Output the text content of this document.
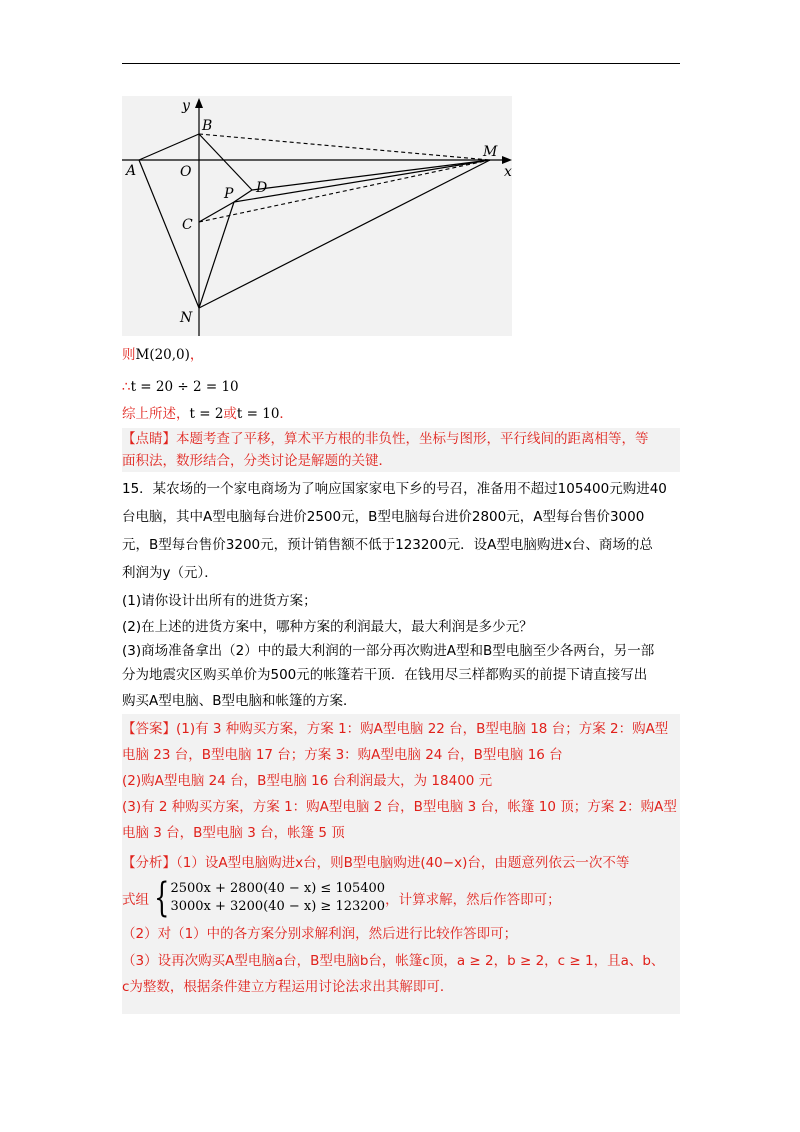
y
x
B
M
A	O
P D
C
N
则M(20,0)，
∴t = 20 ÷ 2 = 10
综上所述，t = 2或t = 10．
【点睛】本题考查了平移，算术平方根的非负性，坐标与图形，平行线间的距离相等，等
面积法，数形结合，分类讨论是解题的关键．
15．某农场的一个家电商场为了响应国家家电下乡的号召，准备用不超过105400元购进40
台电脑，其中A型电脑每台进价2500元，B型电脑每台进价2800元，A型每台售价3000
元，B型每台售价3200元，预计销售额不低于123200元．设A型电脑购进x台、商场的总
利润为y（元）．
(1)请你设计出所有的进货方案；
(2)在上述的进货方案中，哪种方案的利润最大，最大利润是多少元？
(3)商场准备拿出（2）中的最大利润的一部分再次购进A型和B型电脑至少各两台，另一部
分为地震灾区购买单价为500元的帐篷若干顶．在钱用尽三样都购买的前提下请直接写出
购买A型电脑、B型电脑和帐篷的方案．
【答案】(1)有 3 种购买方案，方案 1：购A型电脑 22 台，B型电脑 18 台；方案 2：购A型
电脑 23 台，B型电脑 17 台；方案 3：购A型电脑 24 台，B型电脑 16 台
(2)购A型电脑 24 台，B型电脑 16 台利润最大，为 18400 元
(3)有 2 种购买方案，方案 1：购A型电脑 2 台，B型电脑 3 台，帐篷 10 顶；方案 2：购A型
电脑 3 台，B型电脑 3 台，帐篷 5 顶
【分析】（1）设A型电脑购进x台，则B型电脑购进(40−x)台，由题意列依云一次不等
式组 { 2500x + 2800(40 − x) ≤ 105400
3000x + 3200(40 − x) ≥ 123200 ，计算求解，然后作答即可；
（2）对（1）中的各方案分别求解利润，然后进行比较作答即可；
（3）设再次购买A型电脑a台，B型电脑b台，帐篷c顶，a ≥ 2，b ≥ 2，c ≥ 1，且a、b、
c为整数，根据条件建立方程运用讨论法求出其解即可．
